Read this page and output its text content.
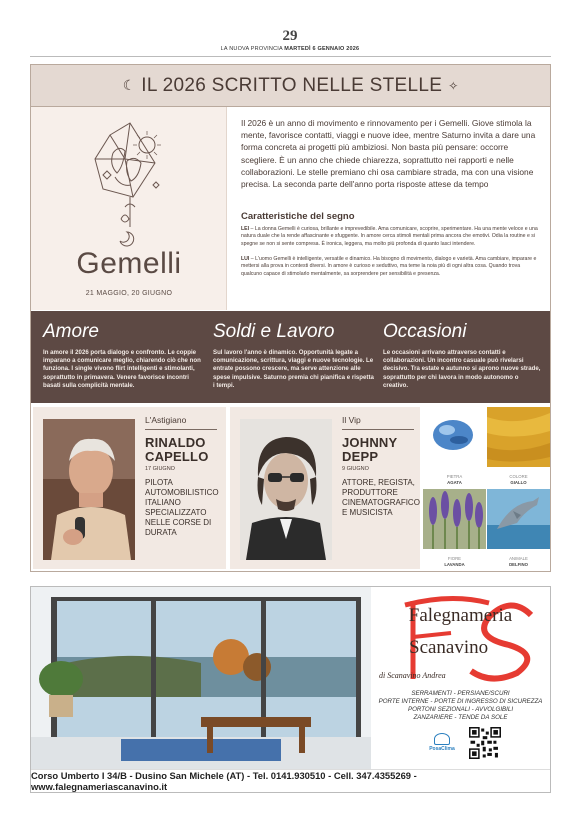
29
LA NUOVA PROVINCIA MARTEDÌ 6 GENNAIO 2026
☾ IL 2026 SCRITTO NELLE STELLE ✧
Gemelli
21 MAGGIO, 20 GIUGNO
Il 2026 è un anno di movimento e rinnovamento per i Gemelli. Giove stimola la mente, favorisce contatti, viaggi e nuove idee, mentre Saturno invita a dare una forma concreta ai progetti più ambiziosi. Non basta più pensare: occorre scegliere. È un anno che chiede chiarezza, soprattutto nei rapporti e nelle collaborazioni. Le stelle premiano chi osa cambiare strada, ma con una visione precisa. La seconda parte dell'anno porta risposte attese da tempo
Caratteristiche del segno
LEI – La donna Gemelli è curiosa, brillante e imprevedibile. Ama comunicare, scoprire, sperimentare. Ha una mente veloce e una natura duale che la rende affascinante e sfuggente. In amore cerca stimoli mentali prima ancora che emotivi. Odia la routine e si spegne se non si sente compresa. È ironica, leggera, ma molto più profonda di quanto lasci intendere.
LUI – L'uomo Gemelli è intelligente, versatile e dinamico. Ha bisogno di movimento, dialogo e varietà. Ama cambiare, imparare e mettersi alla prova in contesti diversi. In amore è curioso e seduttivo, ma teme la noia più di ogni altra cosa. Quando trova qualcuno capace di stimolarlo mentalmente, sa sorprendere per sensibilità e presenza.
Amore
In amore il 2026 porta dialogo e confronto. Le coppie imparano a comunicare meglio, chiarendo ciò che non funziona. I single vivono flirt intelligenti e stimolanti, soprattutto in primavera. Venere favorisce incontri basati sulla complicità mentale.
Soldi e Lavoro
Sul lavoro l'anno è dinamico. Opportunità legate a comunicazione, scrittura, viaggi e nuove tecnologie. Le entrate possono crescere, ma serve attenzione alle spese impulsive. Saturno premia chi pianifica e rispetta i tempi.
Occasioni
Le occasioni arrivano attraverso contatti e collaborazioni. Un incontro casuale può rivelarsi decisivo. Tra estate e autunno si aprono nuove strade, soprattutto per chi lavora in modo autonomo o creativo.
L'Astigiano
RINALDO
CAPELLO
17 GIUGNO
PILOTA AUTOMOBILISTICO ITALIANO SPECIALIZZATO NELLE CORSE DI DURATA
Il Vip
JOHNNY
DEPP
9 GIUGNO
ATTORE, REGISTA, PRODUTTORE CINEMATOGRAFICO E MUSICISTA
PIETRA
AGATA
COLORE
GIALLO
FIORE
LAVANDA
ANIMALE
DELFINO
Falegnameria
Scanavino
di Scanavino Andrea
SERRAMENTI - PERSIANE/SCURI
PORTE INTERNE - PORTE DI INGRESSO DI SICUREZZA
PORTONI SEZIONALI - AVVOLGIBILI
ZANZARIERE - TENDE DA SOLE
PosaClima
Corso Umberto I 34/B - Dusino San Michele (AT) - Tel. 0141.930510 - Cell. 347.4355269 - www.falegnameriascanavino.it
